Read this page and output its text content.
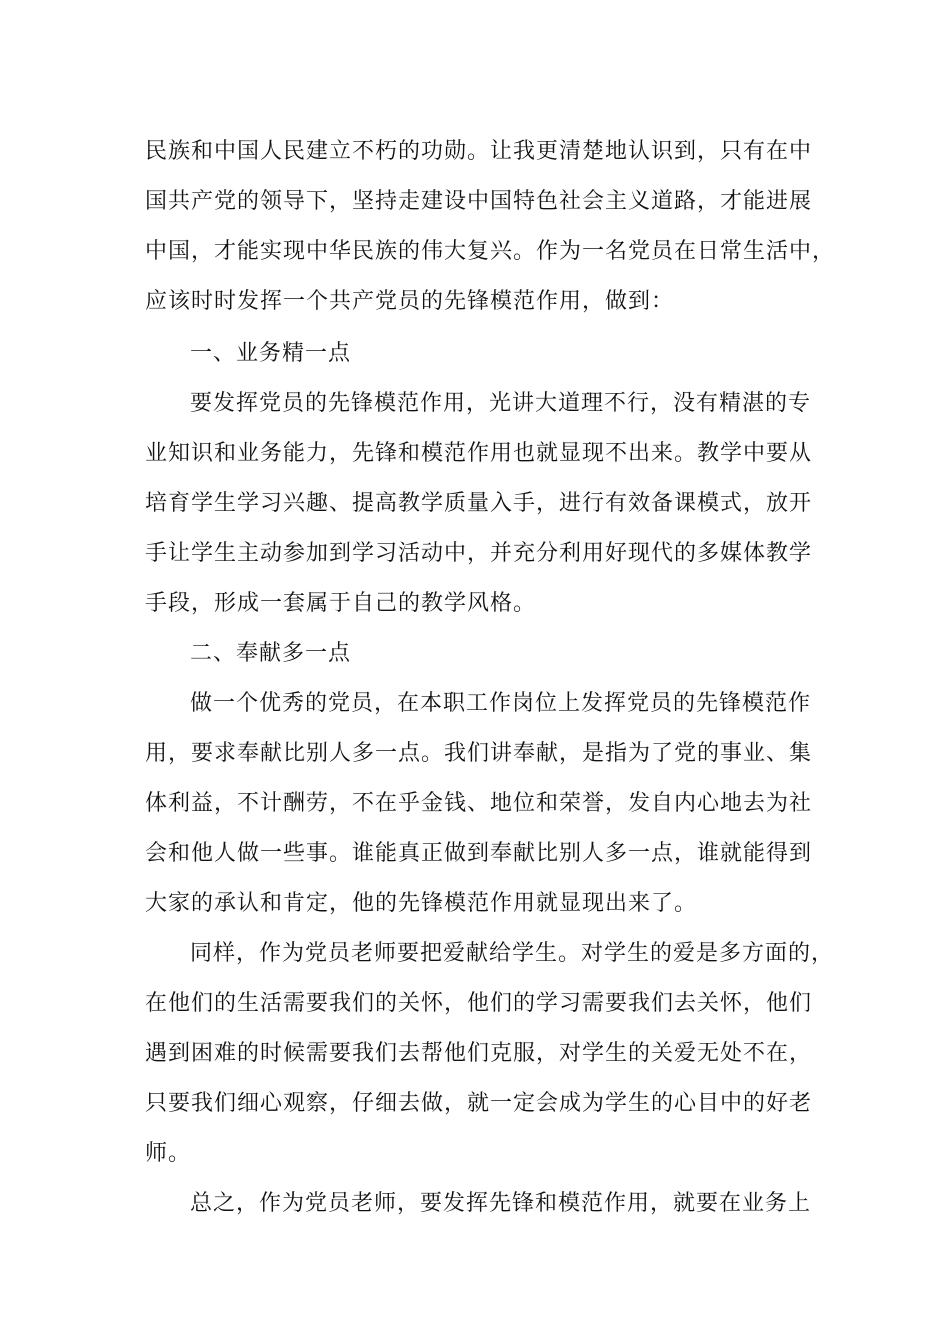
民族和中国人民建立不朽的功勋。让我更清楚地认识到，只有在中
国共产党的领导下，坚持走建设中国特色社会主义道路，才能进展
中国，才能实现中华民族的伟大复兴。作为一名党员在日常生活中，
应该时时发挥一个共产党员的先锋模范作用，做到：
一、业务精一点
要发挥党员的先锋模范作用，光讲大道理不行，没有精湛的专
业知识和业务能力，先锋和模范作用也就显现不出来。教学中要从
培育学生学习兴趣、提高教学质量入手，进行有效备课模式，放开
手让学生主动参加到学习活动中，并充分利用好现代的多媒体教学
手段，形成一套属于自己的教学风格。
二、奉献多一点
做一个优秀的党员，在本职工作岗位上发挥党员的先锋模范作
用，要求奉献比别人多一点。我们讲奉献，是指为了党的事业、集
体利益，不计酬劳，不在乎金钱、地位和荣誉，发自内心地去为社
会和他人做一些事。谁能真正做到奉献比别人多一点，谁就能得到
大家的承认和肯定，他的先锋模范作用就显现出来了。
同样，作为党员老师要把爱献给学生。对学生的爱是多方面的，
在他们的生活需要我们的关怀，他们的学习需要我们去关怀，他们
遇到困难的时候需要我们去帮他们克服，对学生的关爱无处不在，
只要我们细心观察，仔细去做，就一定会成为学生的心目中的好老
师。
总之，作为党员老师，要发挥先锋和模范作用，就要在业务上
